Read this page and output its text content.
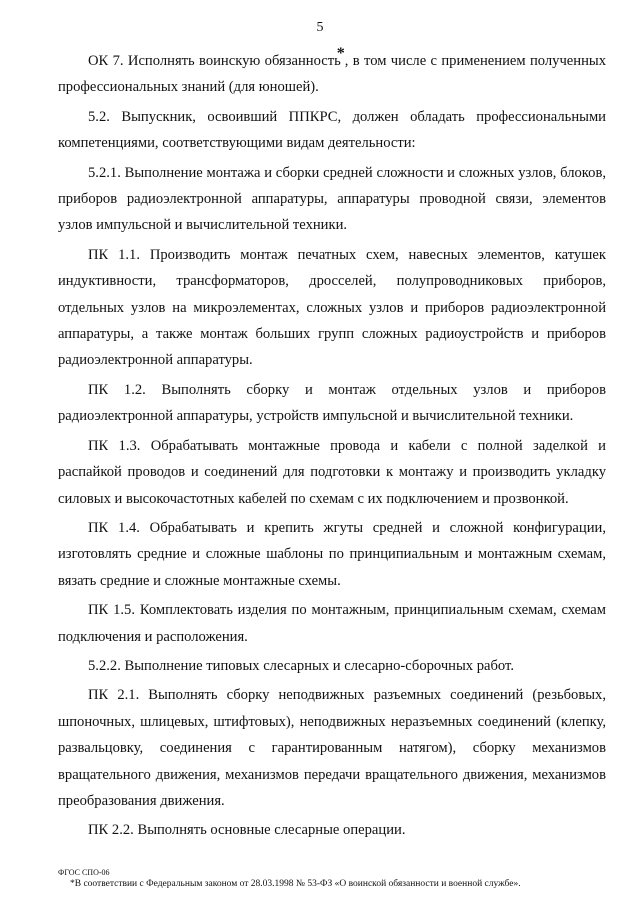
5

ОК 7. Исполнять воинскую обязанность*, в том числе с применением полученных профессиональных знаний (для юношей).

5.2. Выпускник, освоивший ППКРС, должен обладать профессиональными компетенциями, соответствующими видам деятельности:

5.2.1. Выполнение монтажа и сборки средней сложности и сложных узлов, блоков, приборов радиоэлектронной аппаратуры, аппаратуры проводной связи, элементов узлов импульсной и вычислительной техники.

ПК 1.1. Производить монтаж печатных схем, навесных элементов, катушек индуктивности, трансформаторов, дросселей, полупроводниковых приборов, отдельных узлов на микроэлементах, сложных узлов и приборов радиоэлектронной аппаратуры, а также монтаж больших групп сложных радиоустройств и приборов радиоэлектронной аппаратуры.

ПК 1.2. Выполнять сборку и монтаж отдельных узлов и приборов радиоэлектронной аппаратуры, устройств импульсной и вычислительной техники.

ПК 1.3. Обрабатывать монтажные провода и кабели с полной заделкой и распайкой проводов и соединений для подготовки к монтажу и производить укладку силовых и высокочастотных кабелей по схемам с их подключением и прозвонкой.

ПК 1.4. Обрабатывать и крепить жгуты средней и сложной конфигурации, изготовлять средние и сложные шаблоны по принципиальным и монтажным схемам, вязать средние и сложные монтажные схемы.

ПК 1.5. Комплектовать изделия по монтажным, принципиальным схемам, схемам подключения и расположения.

5.2.2. Выполнение типовых слесарных и слесарно-сборочных работ.

ПК 2.1. Выполнять сборку неподвижных разъемных соединений (резьбовых, шпоночных, шлицевых, штифтовых), неподвижных неразъемных соединений (клепку, развальцовку, соединения с гарантированным натягом), сборку механизмов вращательного движения, механизмов передачи вращательного движения, механизмов преобразования движения.

ПК 2.2. Выполнять основные слесарные операции.

ФГОС СПО-06
*В соответствии с Федеральным законом от 28.03.1998 № 53-ФЗ «О воинской обязанности и военной службе».
